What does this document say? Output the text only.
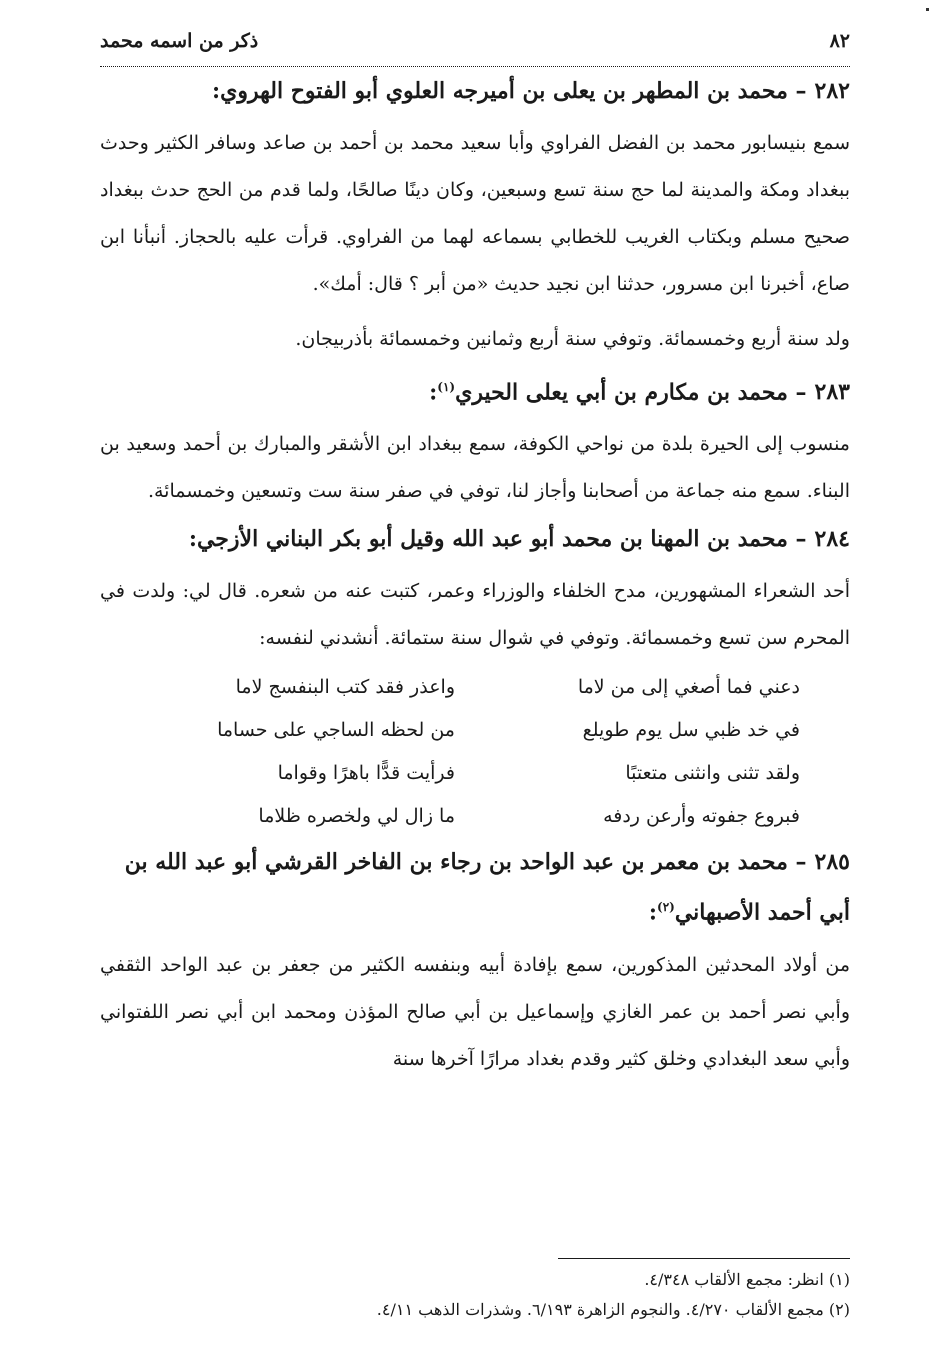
٨٢
ذكر من اسمه محمد
٢٨٢– محمد بن المطهر بن يعلى بن أميرجه العلوي أبو الفتوح الهروي:

سمع بنيسابور محمد بن الفضل الفراوي وأبا سعيد محمد بن أحمد بن صاعد وسافر الكثير وحدث ببغداد ومكة والمدينة لما حج سنة تسع وسبعين، وكان دينًا صالحًا، ولما قدم من الحج حدث ببغداد صحيح مسلم وبكتاب الغريب للخطابي بسماعه لهما من الفراوي. قرأت عليه بالحجاز. أنبأنا ابن صاع، أخبرنا ابن مسرور، حدثنا ابن نجيد حديث «من أبر ؟ قال: أمك».

ولد سنة أربع وخمسمائة. وتوفي سنة أربع وثمانين وخمسمائة بأذربيجان.

٢٨٣– محمد بن مكارم بن أبي يعلى الحيري$^{(١)}$:

منسوب إلى الحيرة بلدة من نواحي الكوفة، سمع ببغداد ابن الأشقر والمبارك بن أحمد وسعيد بن البناء. سمع منه جماعة من أصحابنا وأجاز لنا، توفي في صفر سنة ست وتسعين وخمسمائة.

٢٨٤– محمد بن المهنا بن محمد أبو عبد الله وقيل أبو بكر البناني الأزجي:

أحد الشعراء المشهورين، مدح الخلفاء والوزراء وعمر، كتبت عنه من شعره. قال لي: ولدت في المحرم سن تسع وخمسمائة. وتوفي في شوال سنة ستمائة. أنشدني لنفسه:

دعني فما أصغي إلى من لاما
واعذر فقد كتب البنفسج لاما
في خد ظبي سل يوم طويلع
من لحظه الساجي على حساما
ولقد تثنى وانثنى متعتبًا
فرأيت قدًّا باهرًا وقواما
فبروع جفوته وأرعن ردفه
ما زال لي ولخصره ظلاما
٢٨٥– محمد بن معمر بن عبد الواحد بن رجاء بن الفاخر القرشي أبو عبد الله بن أبي أحمد الأصبهاني$^{(٢)}$:

من أولاد المحدثين المذكورين، سمع بإفادة أبيه وبنفسه الكثير من جعفر بن عبد الواحد الثقفي وأبي نصر أحمد بن عمر الغازي وإسماعيل بن أبي صالح المؤذن ومحمد ابن أبي نصر اللفتواني وأبي سعد البغدادي وخلق كثير وقدم بغداد مرارًا آخرها سنة

(١) انظر: مجمع الألقاب ٤/٣٤٨.
(٢) مجمع الألقاب ٤/٢٧٠. والنجوم الزاهرة ٦/١٩٣. وشذرات الذهب ٤/١١.
